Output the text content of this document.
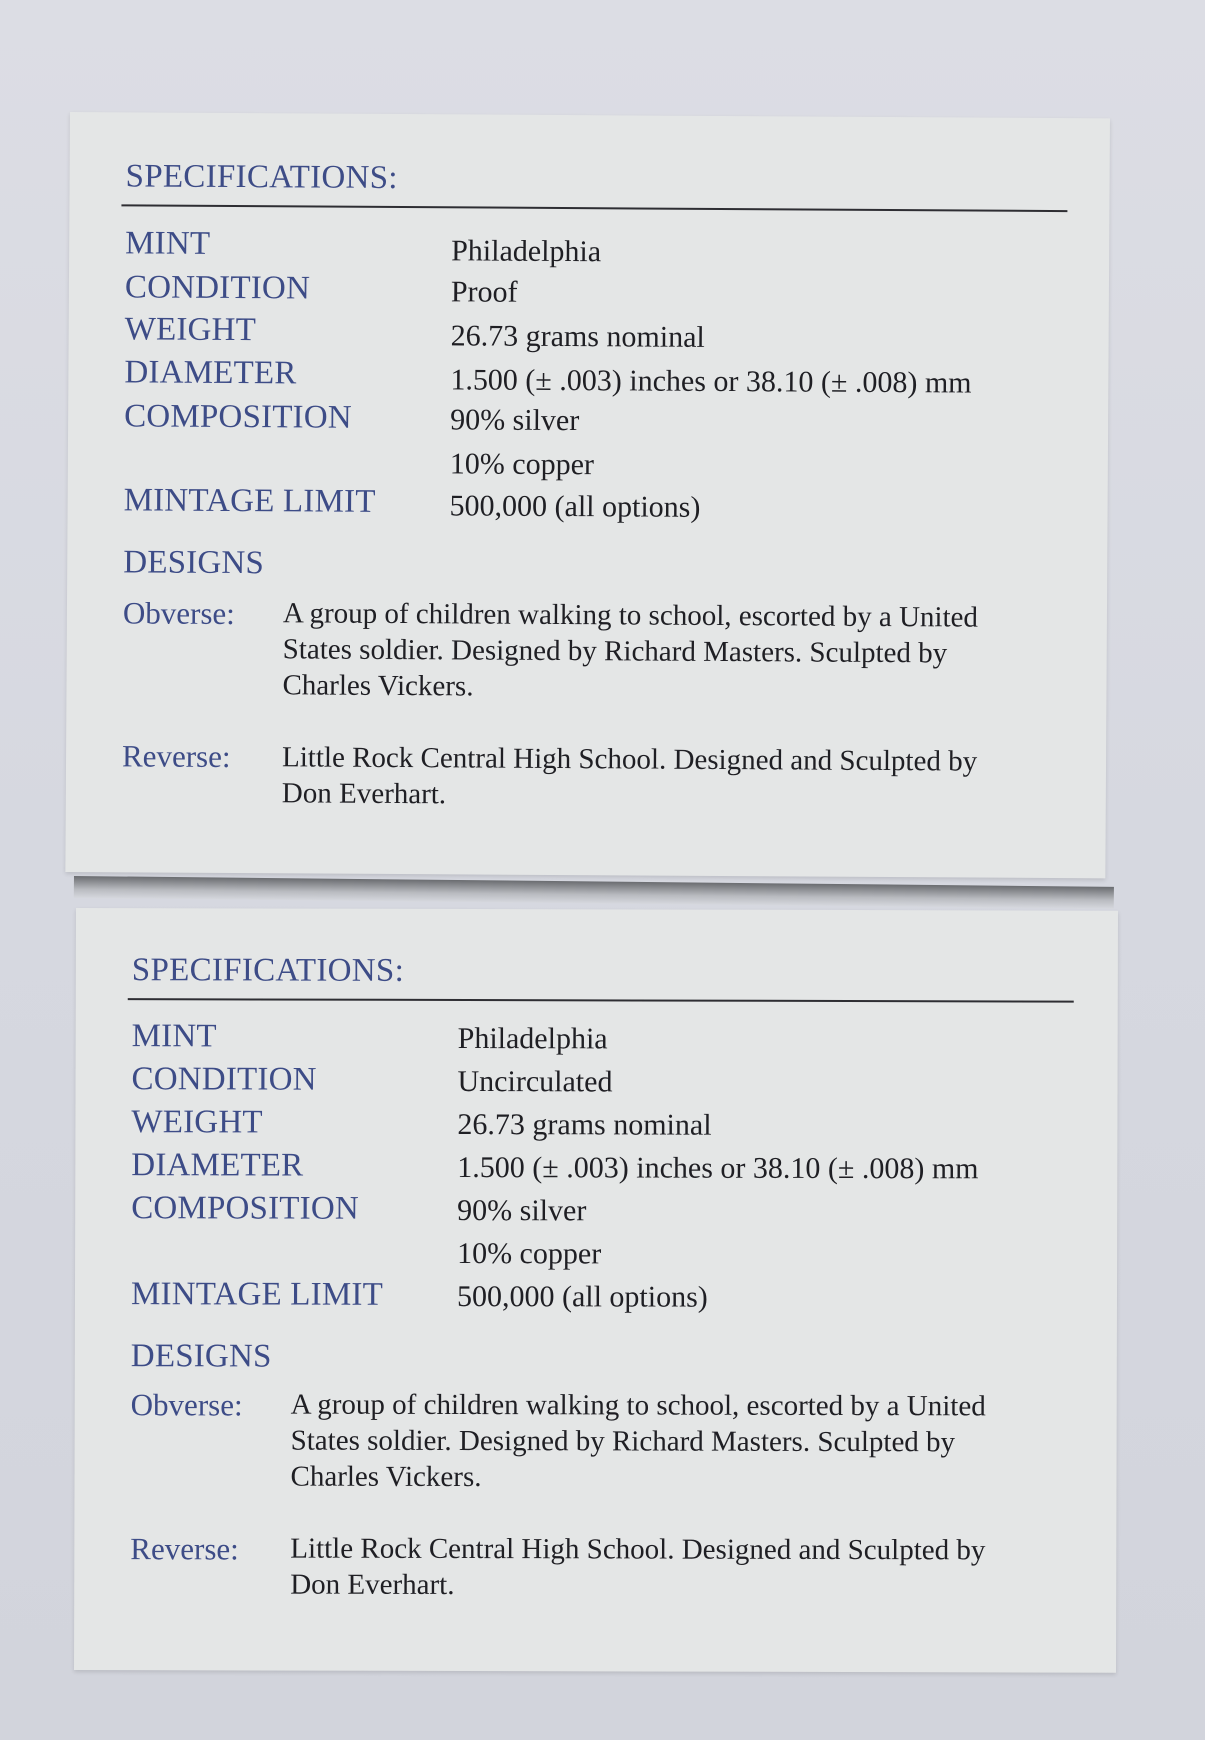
SPECIFICATIONS:
MINT	Philadelphia
CONDITION	Proof
WEIGHT	26.73 grams nominal
DIAMETER	1.500 (± .003) inches or 38.10 (± .008) mm
COMPOSITION	90% silver
10% copper
MINTAGE LIMIT 500,000 (all options)
DESIGNS
Obverse: A group of children walking to school, escorted by a United States soldier. Designed by Richard Masters. Sculpted by Charles Vickers.
Reverse: Little Rock Central High School. Designed and Sculpted by Don Everhart.
SPECIFICATIONS:
MINT	Philadelphia
CONDITION	Uncirculated
WEIGHT	26.73 grams nominal
DIAMETER	1.500 (± .003) inches or 38.10 (± .008) mm
COMPOSITION	90% silver
10% copper
MINTAGE LIMIT 500,000 (all options)
DESIGNS
Obverse: A group of children walking to school, escorted by a United States soldier. Designed by Richard Masters. Sculpted by Charles Vickers.
Reverse: Little Rock Central High School. Designed and Sculpted by Don Everhart.
